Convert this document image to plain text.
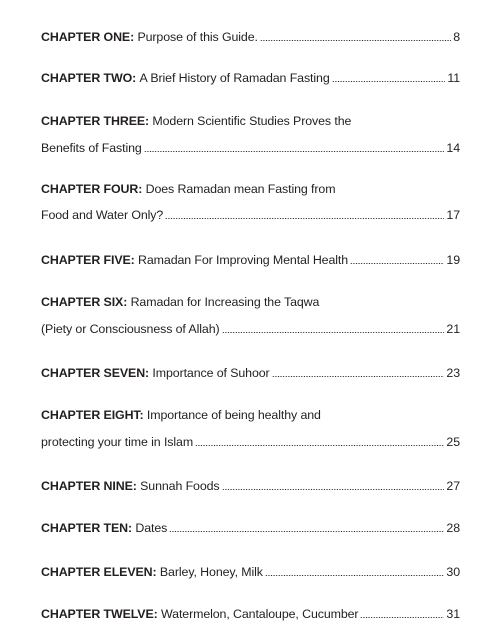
CHAPTER ONE:
Purpose of this Guide.	8
CHAPTER TWO:
A Brief History of Ramadan Fasting	11
CHAPTER THREE:
Modern Scientific Studies Proves the
Benefits of Fasting	14
CHAPTER FOUR:
Does Ramadan mean Fasting from
Food and Water Only?	17
CHAPTER FIVE:
Ramadan For Improving Mental Health	19
CHAPTER SIX:
Ramadan for Increasing the Taqwa
(Piety or Consciousness of Allah)	21
CHAPTER SEVEN:
Importance of Suhoor	23
CHAPTER EIGHT:
Importance of being healthy and
protecting your time in Islam	25
CHAPTER NINE:
Sunnah Foods	27
CHAPTER TEN:
Dates	28
CHAPTER ELEVEN:
Barley, Honey, Milk	30
CHAPTER TWELVE:
Watermelon, Cantaloupe, Cucumber	31
